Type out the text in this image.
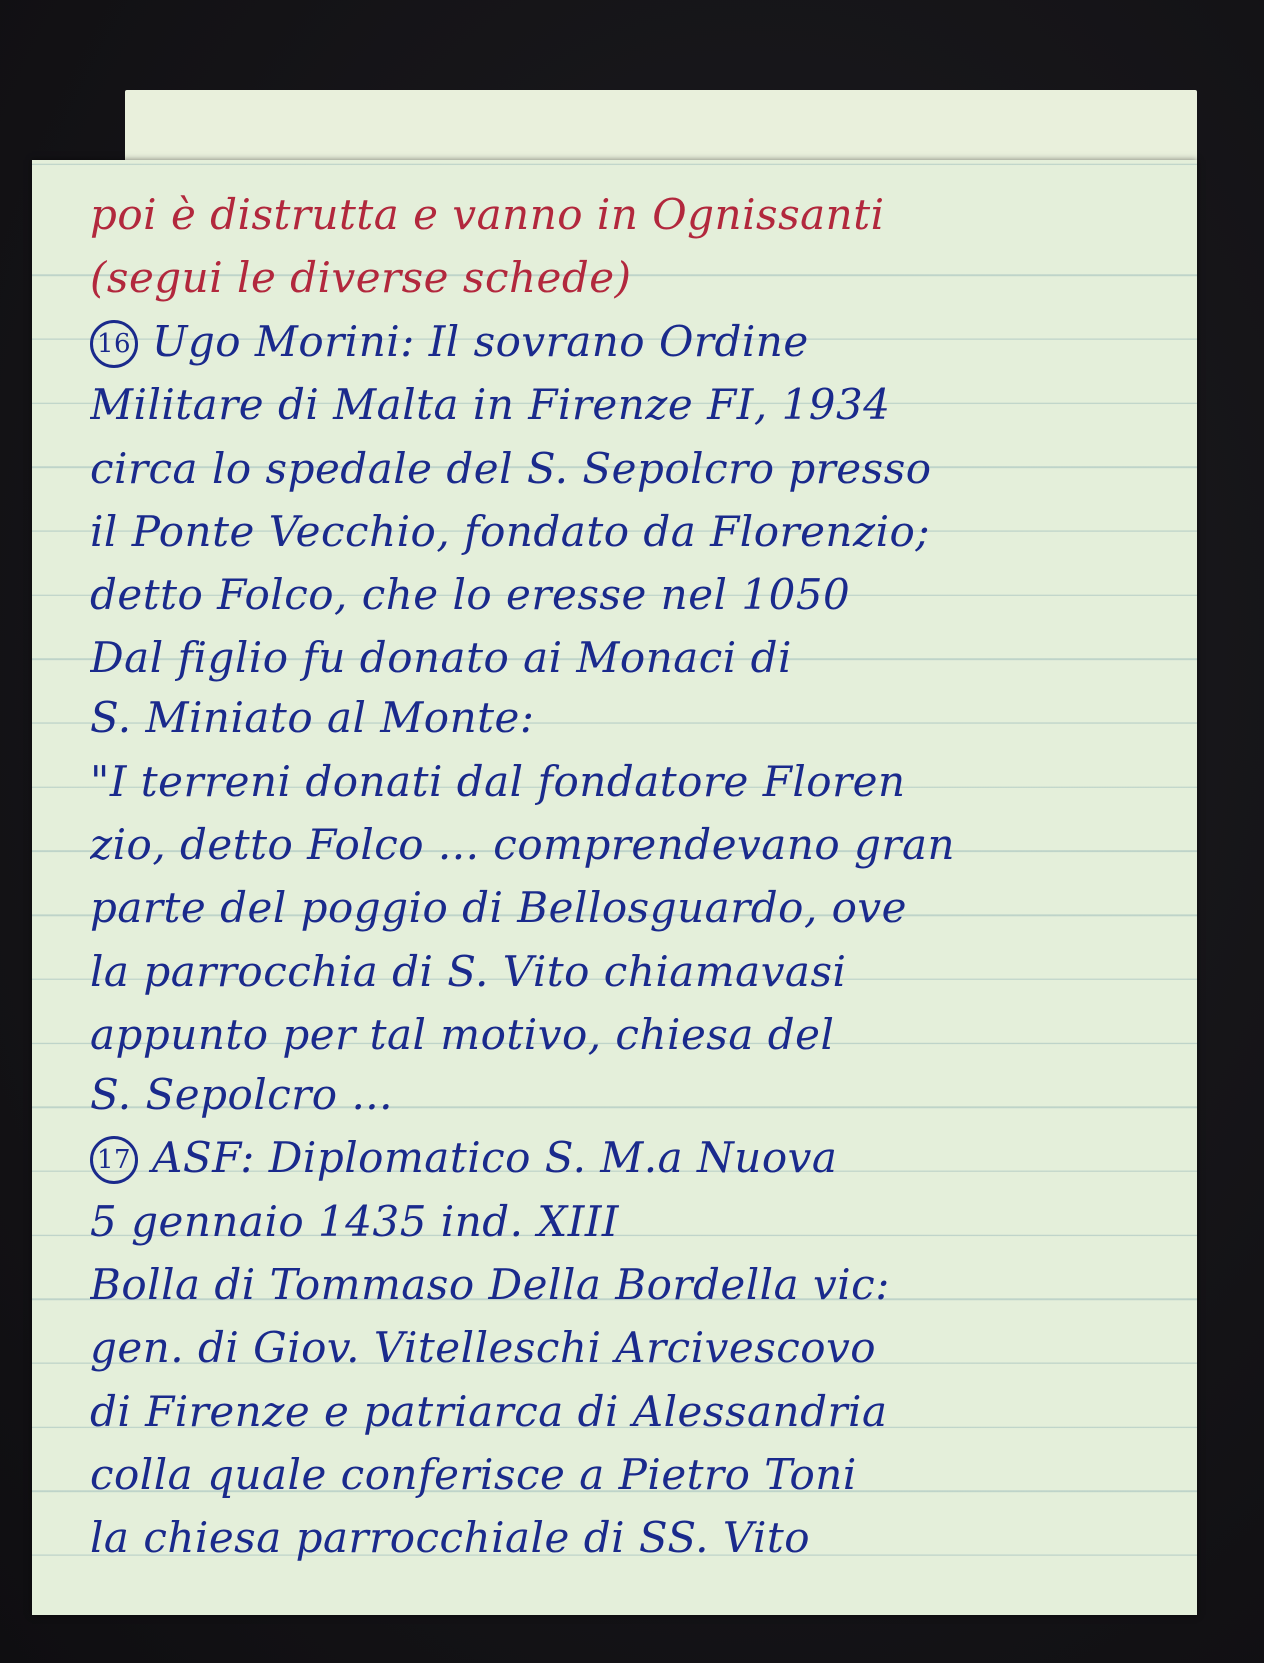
poi è distrutta e vanno in Ognissanti
(segui le diverse schede)
16 Ugo Morini: Il sovrano Ordine
Militare di Malta in Firenze FI, 1934
circa lo spedale del S. Sepolcro presso
il Ponte Vecchio, fondato da Florenzio;
detto Folco, che lo eresse nel 1050
Dal figlio fu donato ai Monaci di
S. Miniato al Monte:
"I terreni donati dal fondatore Floren
zio, detto Folco ... comprendevano gran
parte del poggio di Bellosguardo, ove
la parrocchia di S. Vito chiamavasi
appunto per tal motivo, chiesa del
S. Sepolcro ...
17 ASF: Diplomatico S. M.a Nuova
5 gennaio 1435 ind. XIII
Bolla di Tommaso Della Bordella vic:
gen. di Giov. Vitelleschi Arcivescovo
di Firenze e patriarca di Alessandria
colla quale conferisce a Pietro Toni
la chiesa parrocchiale di SS. Vito
